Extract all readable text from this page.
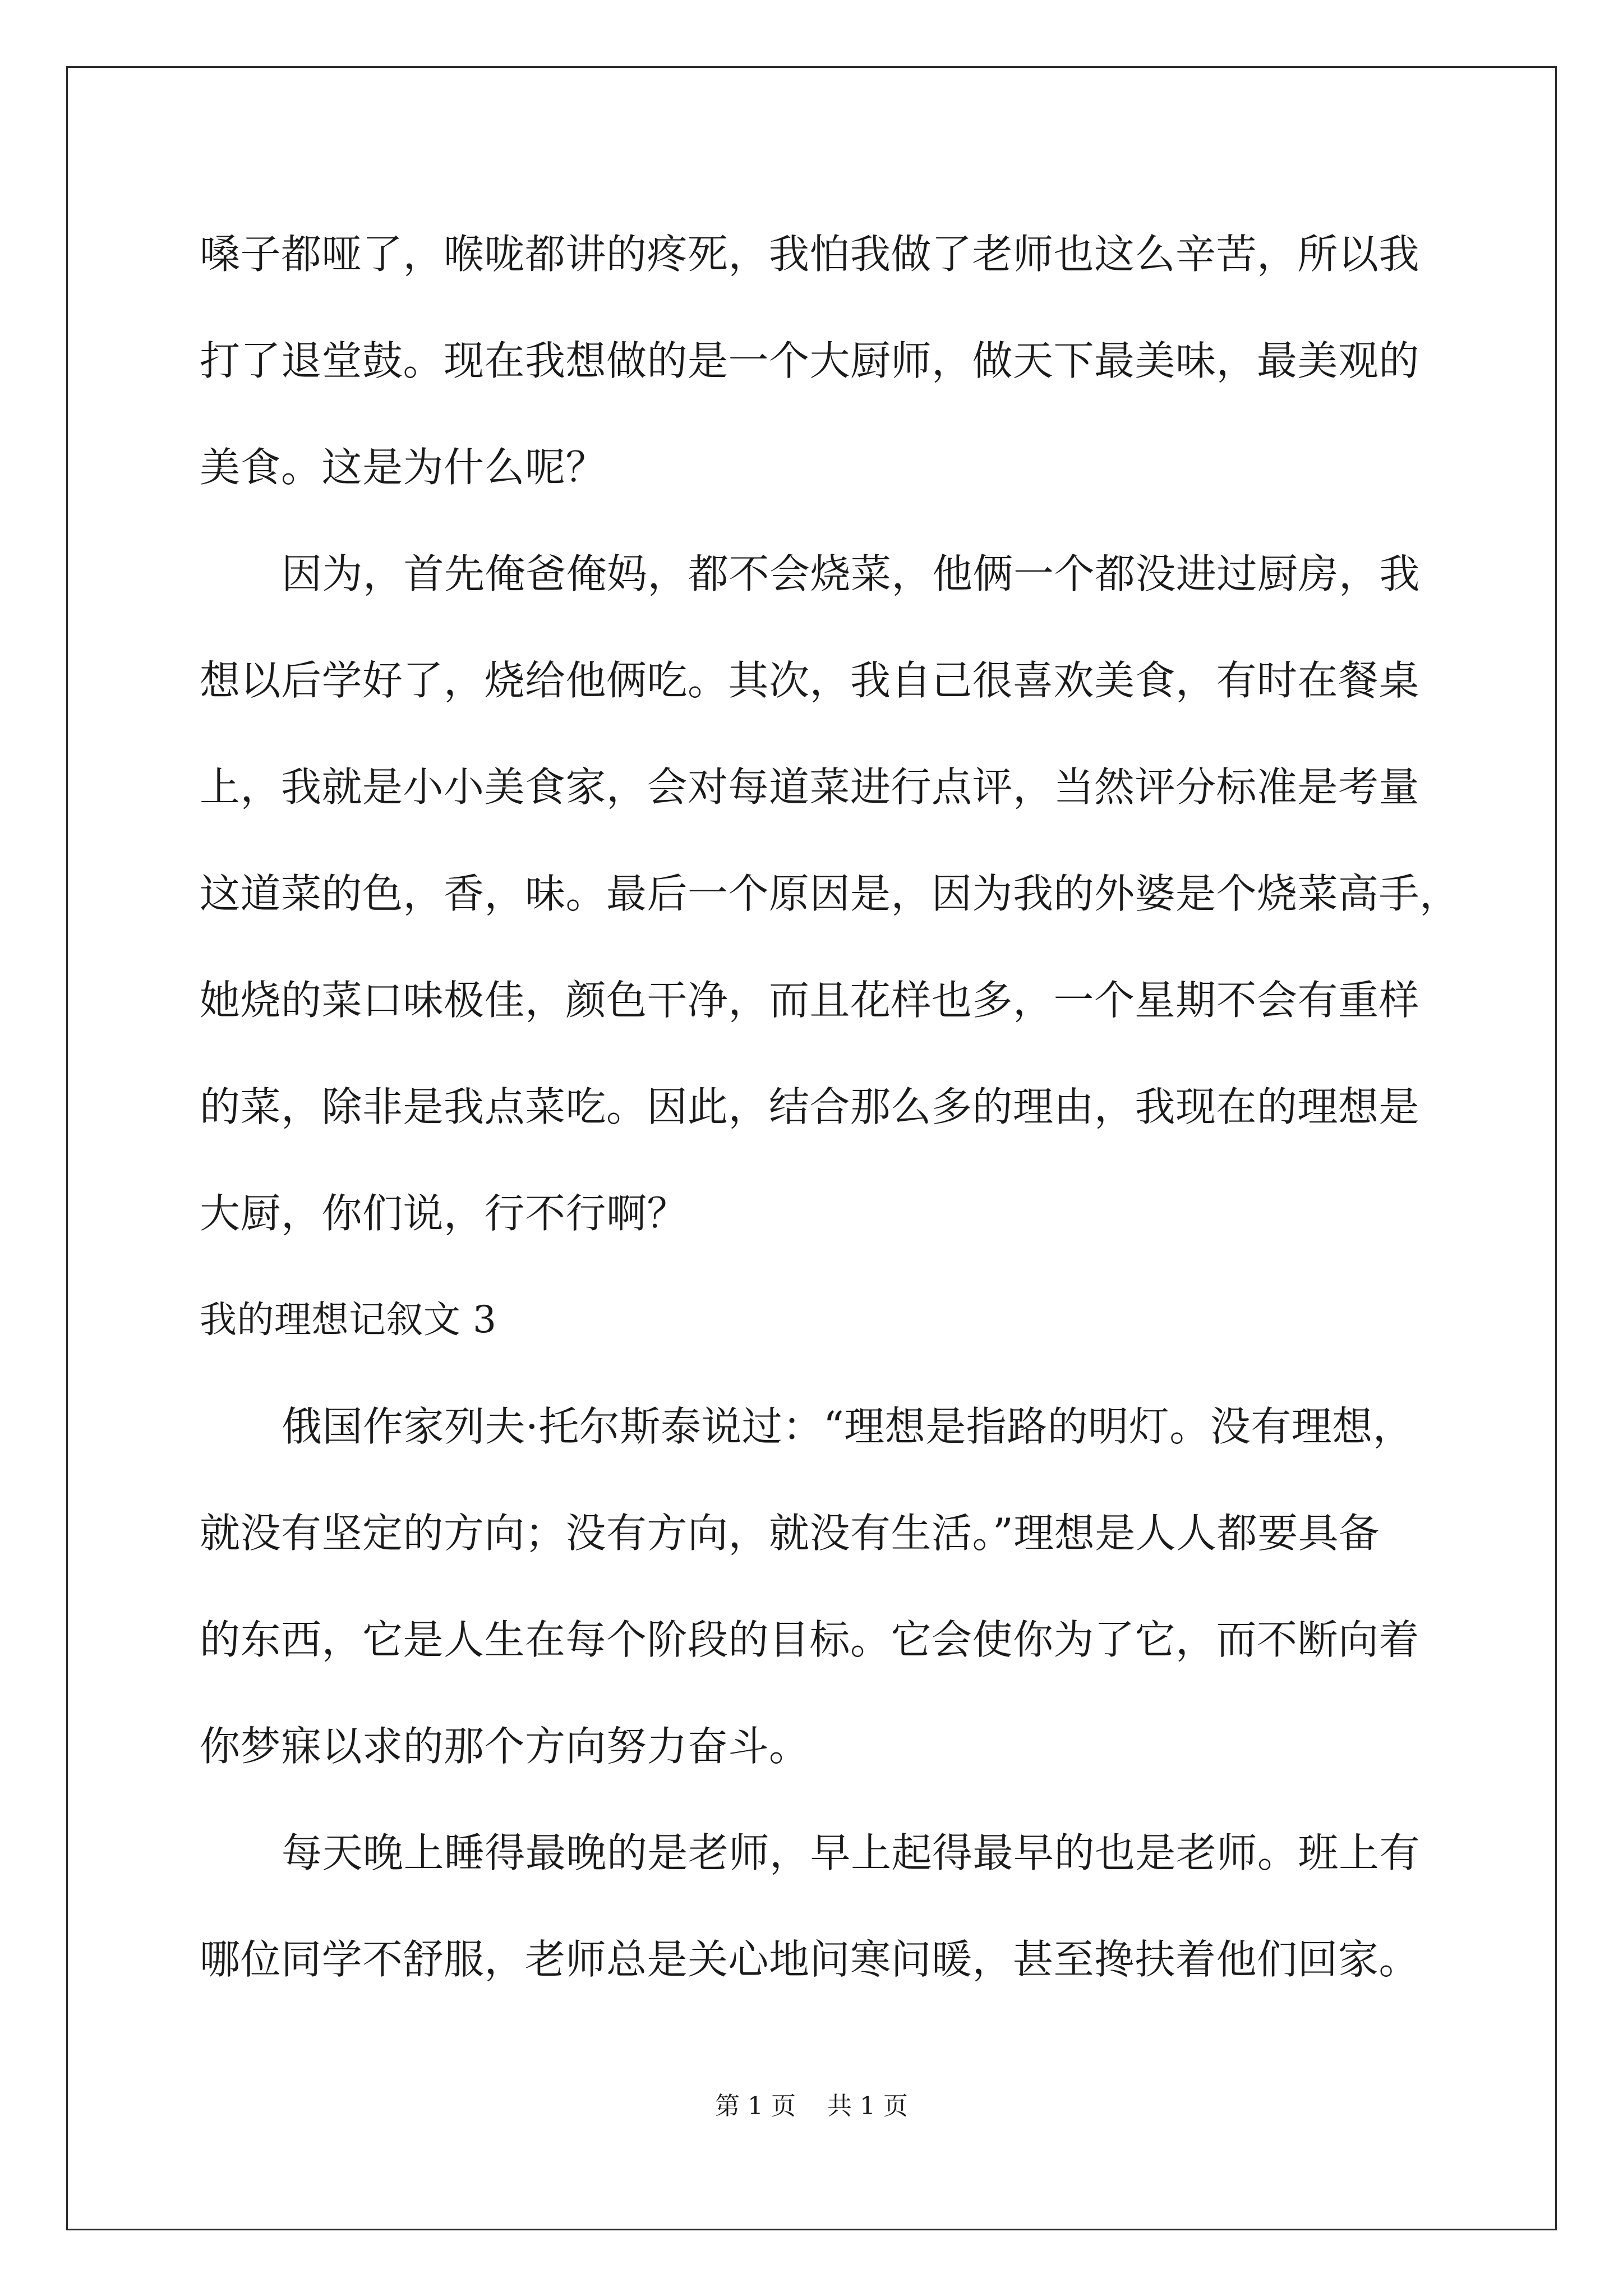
嗓子都哑了，喉咙都讲的疼死，我怕我做了老师也这么辛苦，所以我
打了退堂鼓。现在我想做的是一个大厨师，做天下最美味，最美观的
美食。这是为什么呢？
因为，首先俺爸俺妈，都不会烧菜，他俩一个都没进过厨房，我
想以后学好了，烧给他俩吃。其次，我自己很喜欢美食，有时在餐桌
上，我就是小小美食家，会对每道菜进行点评，当然评分标准是考量
这道菜的色，香，味。最后一个原因是，因为我的外婆是个烧菜高手，
她烧的菜口味极佳，颜色干净，而且花样也多，一个星期不会有重样
的菜，除非是我点菜吃。因此，结合那么多的理由，我现在的理想是
大厨，你们说，行不行啊？
我的理想记叙文 3
俄国作家列夫·托尔斯泰说过：“理想是指路的明灯。没有理想，
就没有坚定的方向；没有方向，就没有生活。”理想是人人都要具备
的东西，它是人生在每个阶段的目标。它会使你为了它，而不断向着
你梦寐以求的那个方向努力奋斗。
每天晚上睡得最晚的是老师，早上起得最早的也是老师。班上有
哪位同学不舒服，老师总是关心地问寒问暖，甚至搀扶着他们回家。
第 1 页 共 1 页
